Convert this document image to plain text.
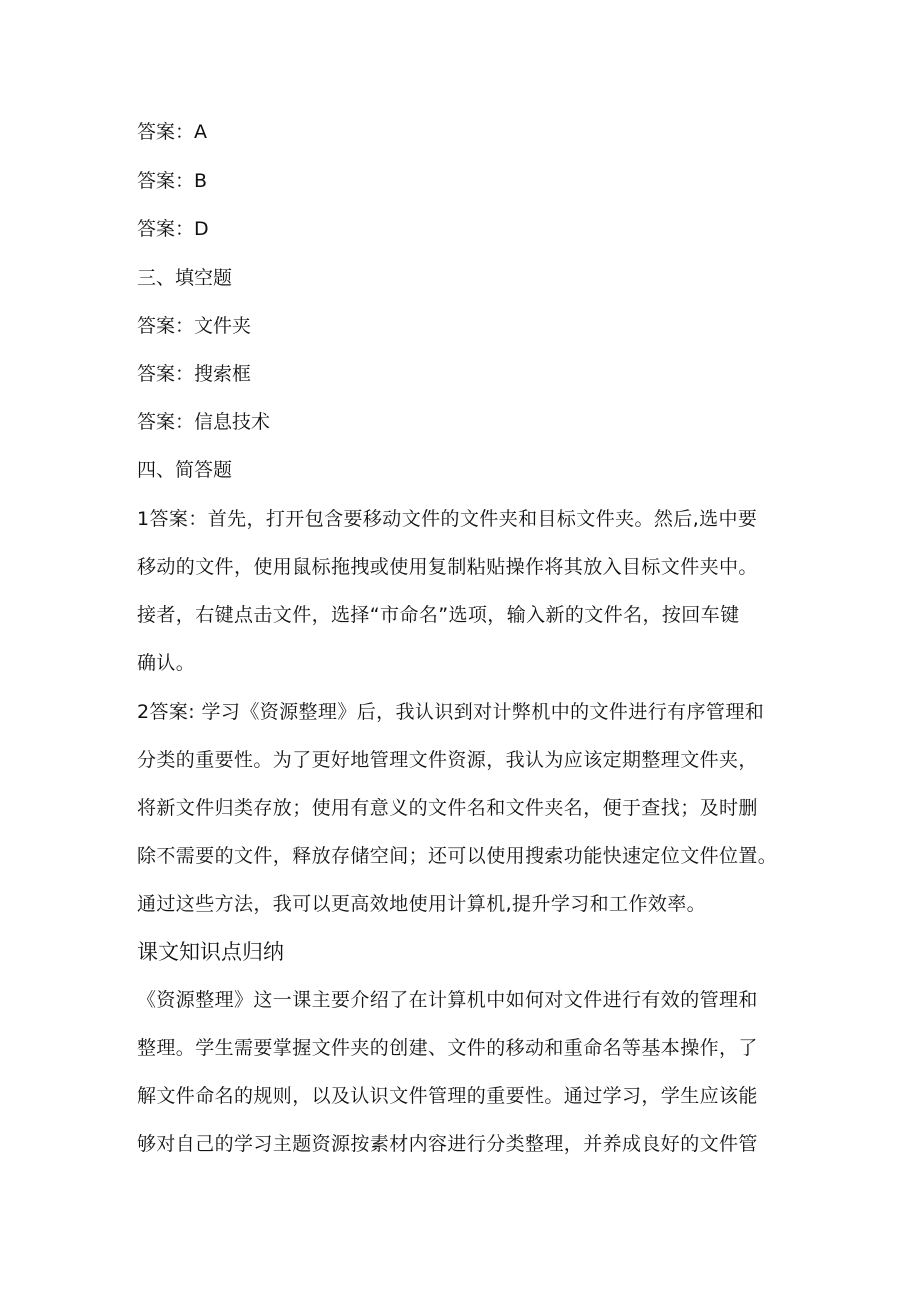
答案：A
答案：B
答案：D
三、填空题
答案：文件夹
答案：搜索框
答案：信息技术
四、简答题
1答案：首先，打开包含要移动文件的文件夹和目标文件夹。然后,选中要
移动的文件，使用鼠标拖拽或使用复制粘贴操作将其放入目标文件夹中。
接者，右键点击文件，选择“市命名”选项，输入新的文件名，按回车键
确认。
2答案: 学习《资源整理》后，我认识到对计弊机中的文件进行有序管理和
分类的重要性。为了更好地管理文件资源，我认为应该定期整理文件夹，
将新文件归类存放；使用有意义的文件名和文件夹名，便于查找；及时删
除不需要的文件，释放存储空间；还可以使用搜索功能快速定位文件位置。
通过这些方法，我可以更高效地使用计算机,提升学习和工作效率。
课文知识点归纳
《资源整理》这一课主要介绍了在计算机中如何对文件进行有效的管理和
整理。学生需要掌握文件夹的创建、文件的移动和重命名等基本操作，了
解文件命名的规则，以及认识文件管理的重要性。通过学习，学生应该能
够对自己的学习主题资源按素材内容进行分类整理，并养成良好的文件管
